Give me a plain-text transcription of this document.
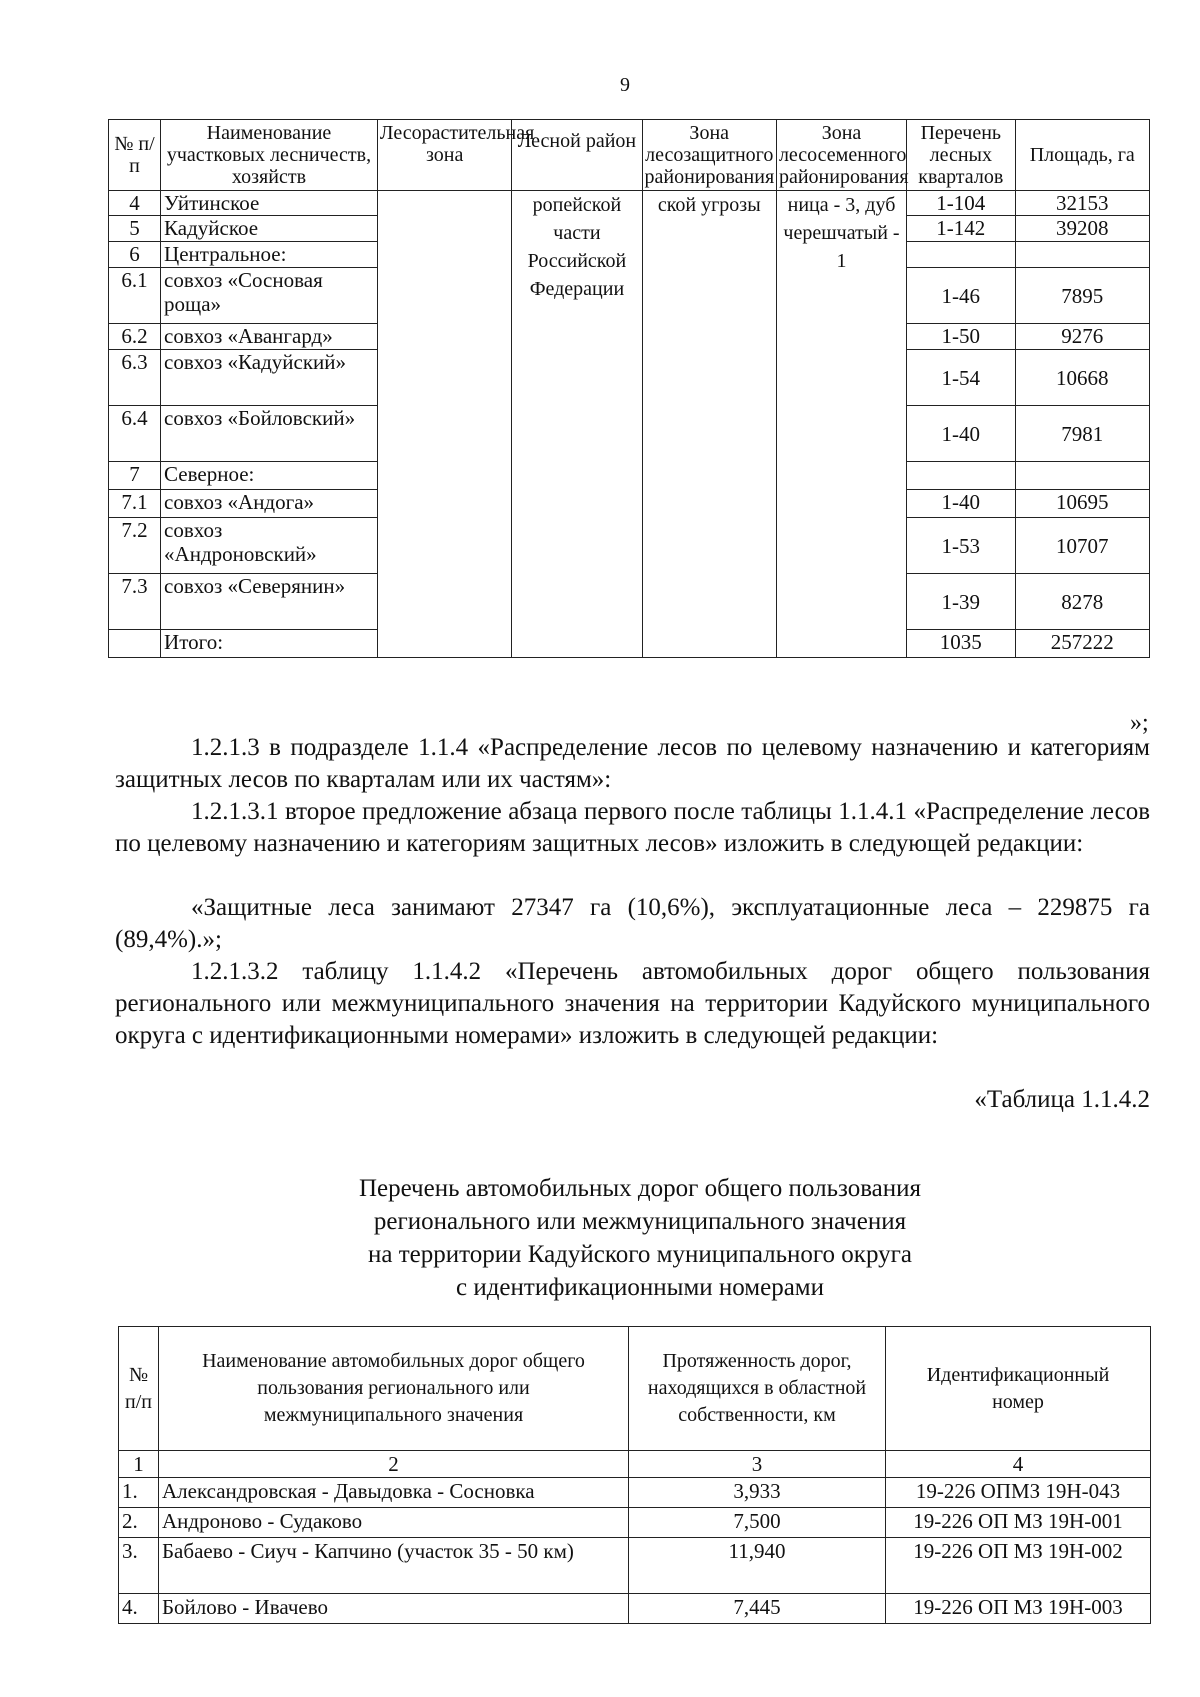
9
№ п/п	Наименование участковых лесничеств, хозяйств	Лесорастительная зона	Лесной район	Зона лесозащитного районирования	Зона лесосеменного районирования	Перечень лесных кварталов	Площадь, га
4	Уйтинское		ропейской части Российской Федерации	ской угрозы	ница - 3, дуб черешчатый - 1	1-104	32153
5	Кадуйское					1-142	39208
6	Центральное:						
6.1	совхоз «Сосновая роща»					1-46	7895
6.2	совхоз «Авангард»					1-50	9276
6.3	совхоз «Кадуйский»					1-54	10668
6.4	совхоз «Бойловский»					1-40	7981
7	Северное:						
7.1	совхоз «Андога»					1-40	10695
7.2	совхоз «Андроновский»					1-53	10707
7.3	совхоз «Северянин»					1-39	8278
	Итого:					1035	257222
»;

1.2.1.3 в подразделе 1.1.4 «Распределение лесов по целевому назначению и категориям защитных лесов по кварталам или их частям»:

1.2.1.3.1 второе предложение абзаца первого после таблицы 1.1.4.1 «Распределение лесов по целевому назначению и категориям защитных лесов» изложить в следующей редакции:

«Защитные леса занимают 27347 га (10,6%), эксплуатационные леса – 229875 га (89,4%).»;

1.2.1.3.2 таблицу 1.1.4.2 «Перечень автомобильных дорог общего пользования регионального или межмуниципального значения на территории Кадуйского муниципального округа с идентификационными номерами» изложить в следующей редакции:

«Таблица 1.1.4.2

Перечень автомобильных дорог общего пользования
регионального или межмуниципального значения
на территории Кадуйского муниципального округа
с идентификационными номерами
№ п/п	Наименование автомобильных дорог общего пользования регионального или межмуниципального значения	Протяженность дорог, находящихся в областной собственности, км	Идентификационный номер
1	2	3	4
1.	Александровская - Давыдовка - Сосновка	3,933	19-226 ОПМЗ 19Н-043
2.	Андроново - Судаково	7,500	19-226 ОП МЗ 19Н-001
3.	Бабаево - Сиуч - Капчино (участок 35 - 50 км)	11,940	19-226 ОП МЗ 19Н-002
4.	Бойлово - Ивачево	7,445	19-226 ОП МЗ 19Н-003
